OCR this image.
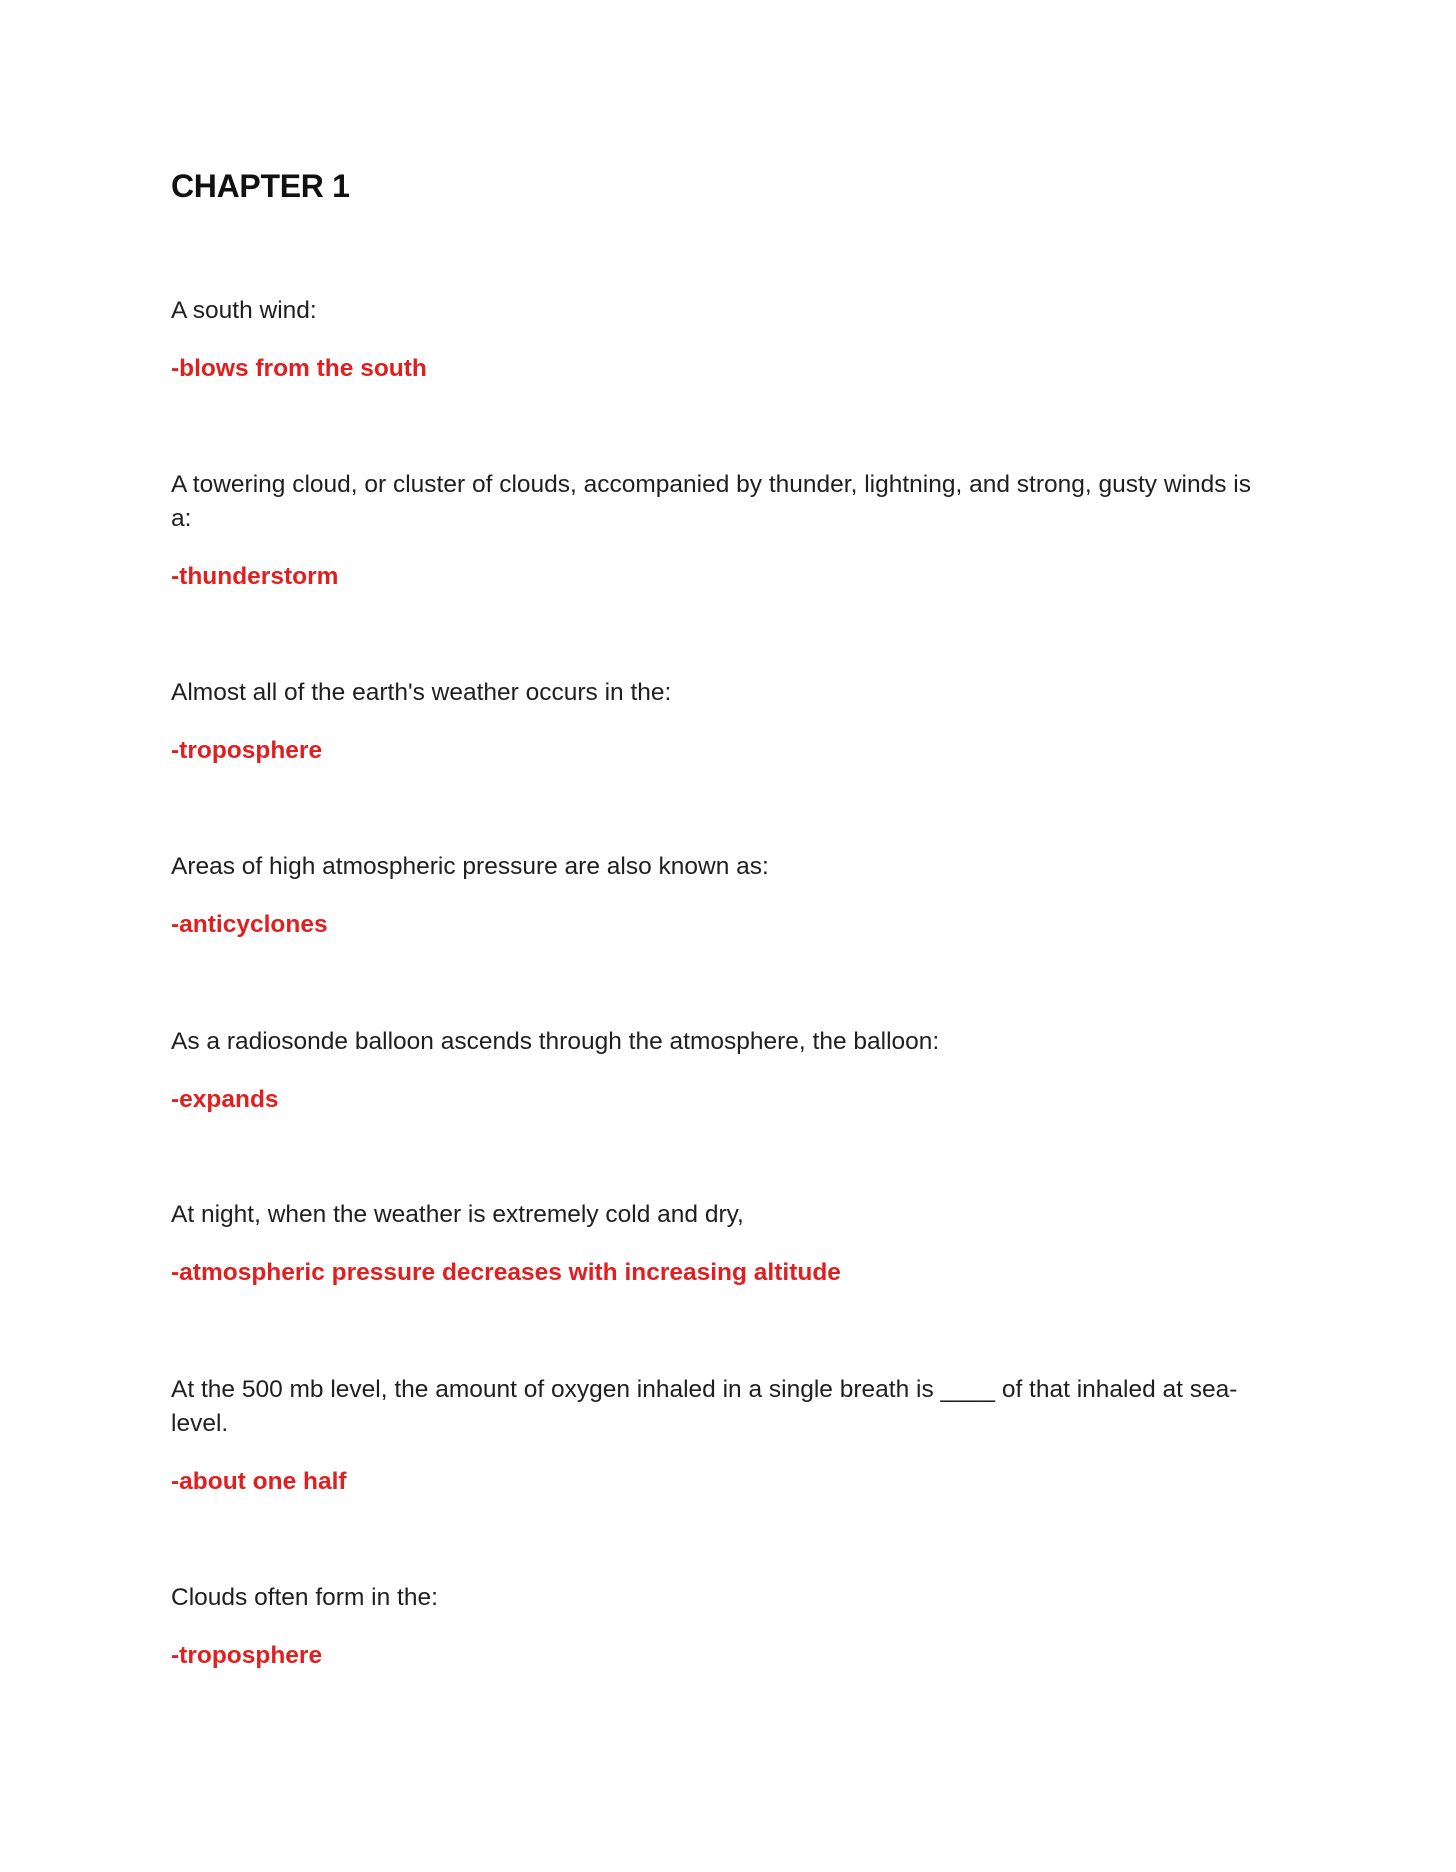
CHAPTER 1

A south wind:

-blows from the south

A towering cloud, or cluster of clouds, accompanied by thunder, lightning, and strong, gusty winds is a:

-thunderstorm

Almost all of the earth's weather occurs in the:

-troposphere

Areas of high atmospheric pressure are also known as:

-anticyclones

As a radiosonde balloon ascends through the atmosphere, the balloon:

-expands

At night, when the weather is extremely cold and dry,

-atmospheric pressure decreases with increasing altitude

At the 500 mb level, the amount of oxygen inhaled in a single breath is ____ of that inhaled at sea-level.

-about one half

Clouds often form in the:

-troposphere
